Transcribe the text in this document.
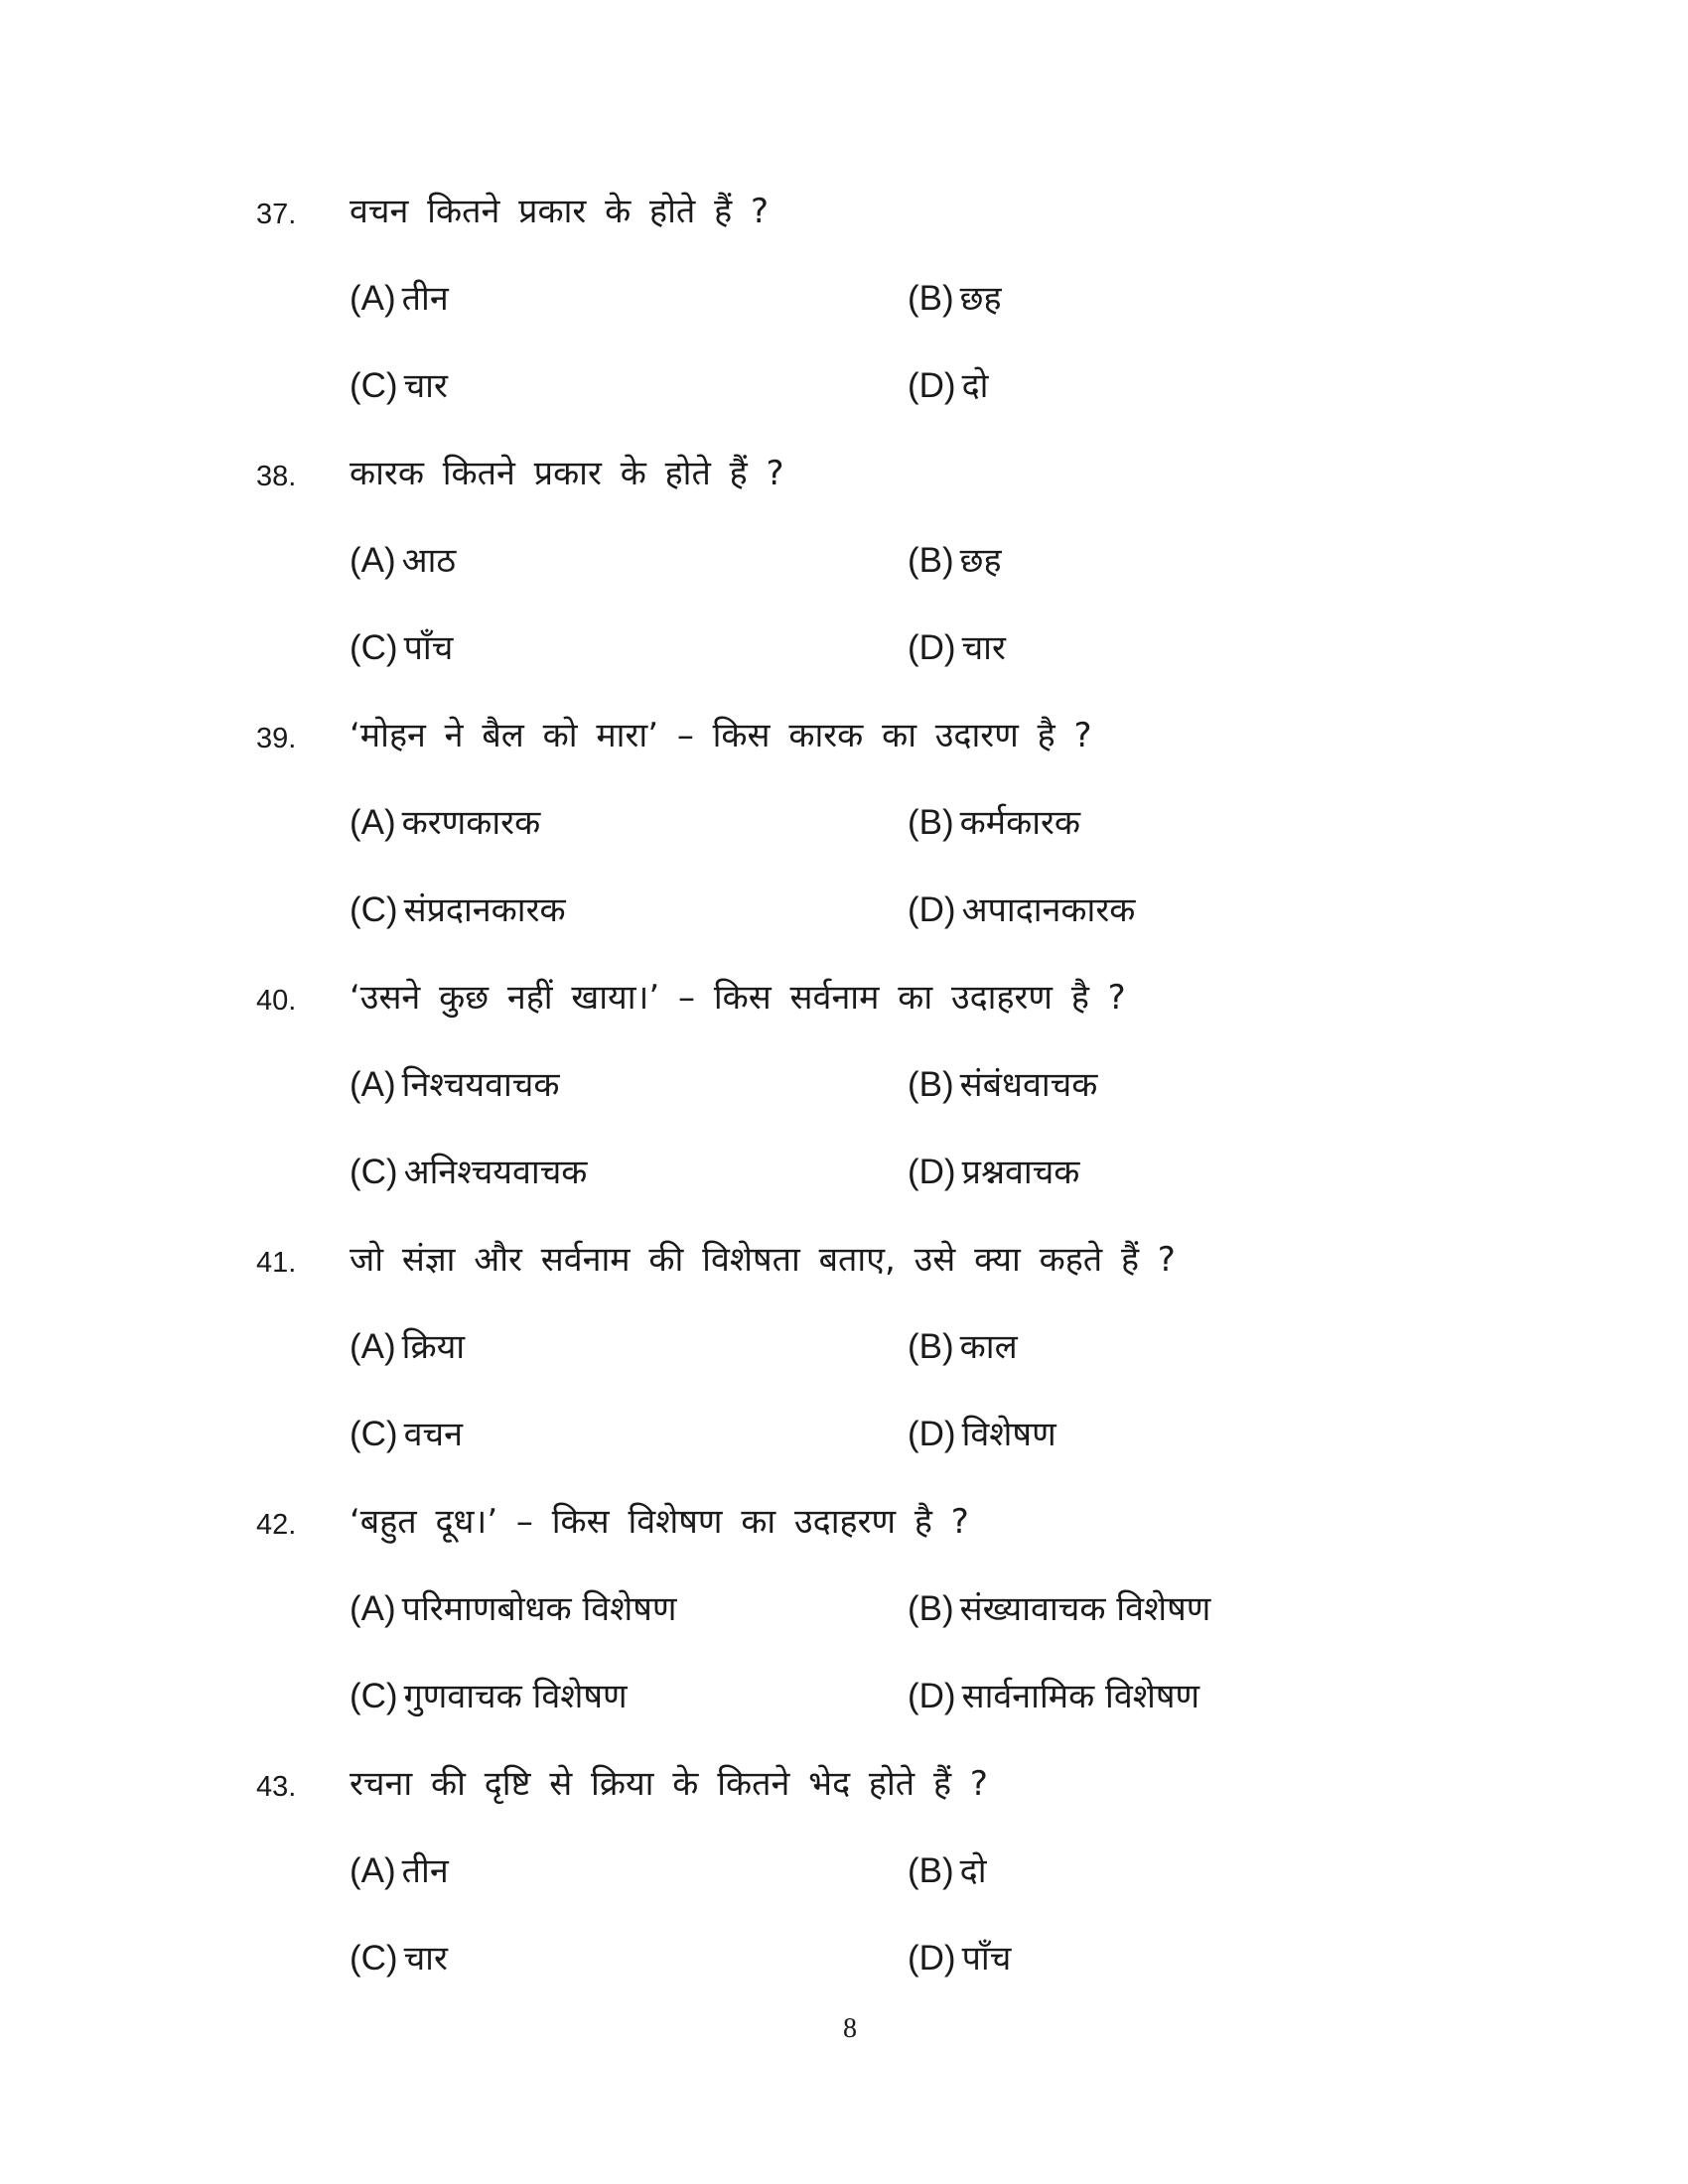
37. वचन कितने प्रकार के होते हैं ?
(A) तीन	(B) छह
(C) चार	(D) दो
38. कारक कितने प्रकार के होते हैं ?
(A) आठ	(B) छह
(C) पाँच	(D) चार
39. ‘मोहन ने बैल को मारा’ – किस कारक का उदारण है ?
(A) करणकारक	(B) कर्मकारक
(C) संप्रदानकारक	(D) अपादानकारक
40. ‘उसने कुछ नहीं खाया।’ – किस सर्वनाम का उदाहरण है ?
(A) निश्चयवाचक	(B) संबंधवाचक
(C) अनिश्चयवाचक	(D) प्रश्नवाचक
41. जो संज्ञा और सर्वनाम की विशेषता बताए, उसे क्या कहते हैं ?
(A) क्रिया	(B) काल
(C) वचन	(D) विशेषण
42. ‘बहुत दूध।’ – किस विशेषण का उदाहरण है ?
(A) परिमाणबोधक विशेषण	(B) संख्यावाचक विशेषण
(C) गुणवाचक विशेषण	(D) सार्वनामिक विशेषण
43. रचना की दृष्टि से क्रिया के कितने भेद होते हैं ?
(A) तीन	(B) दो
(C) चार	(D) पाँच
8
